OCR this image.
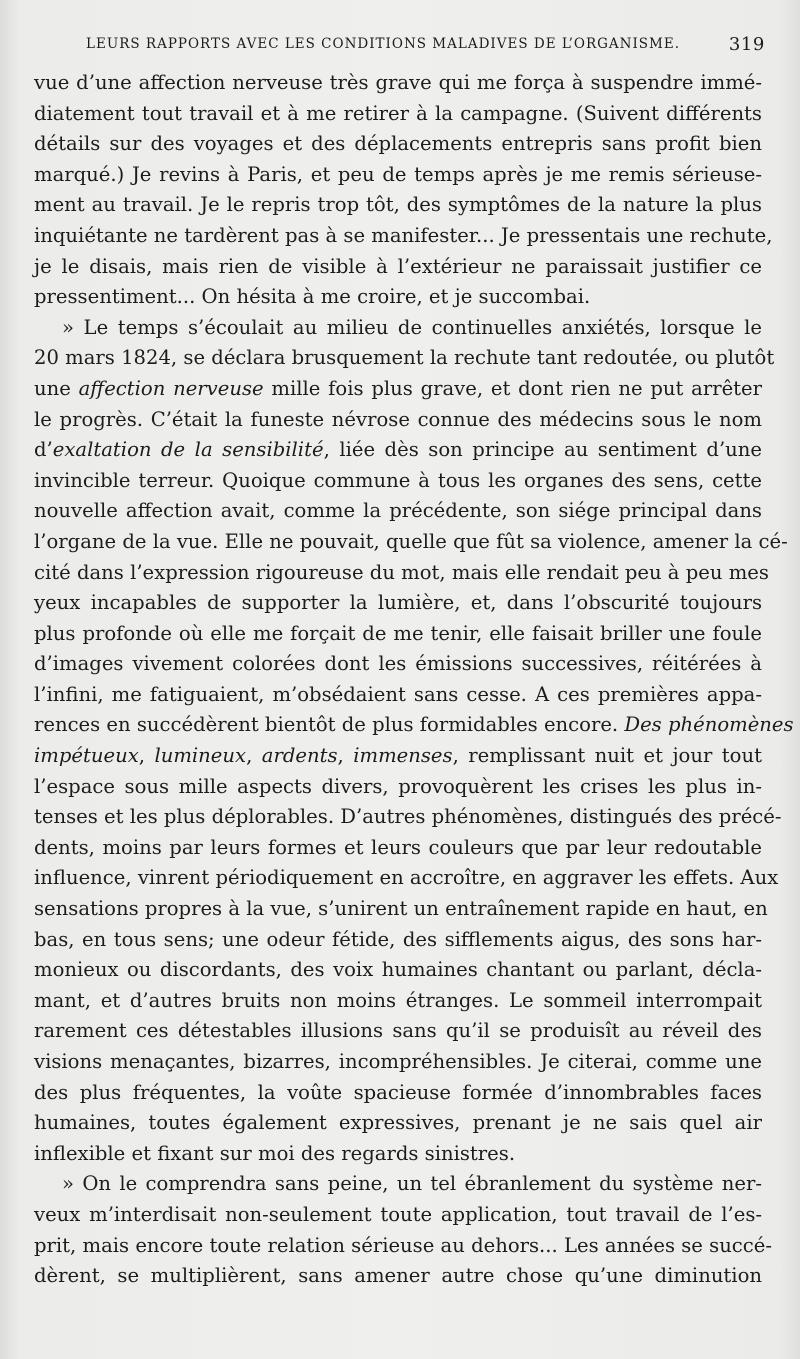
LEURS RAPPORTS AVEC LES CONDITIONS MALADIVES DE L’ORGANISME.	319
vue d’une affection nerveuse très grave qui me força à suspendre immé-
diatement tout travail et à me retirer à la campagne. (Suivent différents
détails sur des voyages et des déplacements entrepris sans profit bien
marqué.) Je revins à Paris, et peu de temps après je me remis sérieuse-
ment au travail. Je le repris trop tôt, des symptômes de la nature la plus
inquiétante ne tardèrent pas à se manifester... Je pressentais une rechute,
je le disais, mais rien de visible à l’extérieur ne paraissait justifier ce
pressentiment... On hésita à me croire, et je succombai.
» Le temps s’écoulait au milieu de continuelles anxiétés, lorsque le
20 mars 1824, se déclara brusquement la rechute tant redoutée, ou plutôt
une affection nerveuse mille fois plus grave, et dont rien ne put arrêter
le progrès. C’était la funeste névrose connue des médecins sous le nom
d’exaltation de la sensibilité, liée dès son principe au sentiment d’une
invincible terreur. Quoique commune à tous les organes des sens, cette
nouvelle affection avait, comme la précédente, son siége principal dans
l’organe de la vue. Elle ne pouvait, quelle que fût sa violence, amener la cé-
cité dans l’expression rigoureuse du mot, mais elle rendait peu à peu mes
yeux incapables de supporter la lumière, et, dans l’obscurité toujours
plus profonde où elle me forçait de me tenir, elle faisait briller une foule
d’images vivement colorées dont les émissions successives, réitérées à
l’infini, me fatiguaient, m’obsédaient sans cesse. A ces premières appa-
rences en succédèrent bientôt de plus formidables encore. Des phénomènes
impétueux, lumineux, ardents, immenses, remplissant nuit et jour tout
l’espace sous mille aspects divers, provoquèrent les crises les plus in-
tenses et les plus déplorables. D’autres phénomènes, distingués des précé-
dents, moins par leurs formes et leurs couleurs que par leur redoutable
influence, vinrent périodiquement en accroître, en aggraver les effets. Aux
sensations propres à la vue, s’unirent un entraînement rapide en haut, en
bas, en tous sens; une odeur fétide, des sifflements aigus, des sons har-
monieux ou discordants, des voix humaines chantant ou parlant, décla-
mant, et d’autres bruits non moins étranges. Le sommeil interrompait
rarement ces détestables illusions sans qu’il se produisît au réveil des
visions menaçantes, bizarres, incompréhensibles. Je citerai, comme une
des plus fréquentes, la voûte spacieuse formée d’innombrables faces
humaines, toutes également expressives, prenant je ne sais quel air
inflexible et fixant sur moi des regards sinistres.
» On le comprendra sans peine, un tel ébranlement du système ner-
veux m’interdisait non-seulement toute application, tout travail de l’es-
prit, mais encore toute relation sérieuse au dehors... Les années se succé-
dèrent, se multiplièrent, sans amener autre chose qu’une diminution
